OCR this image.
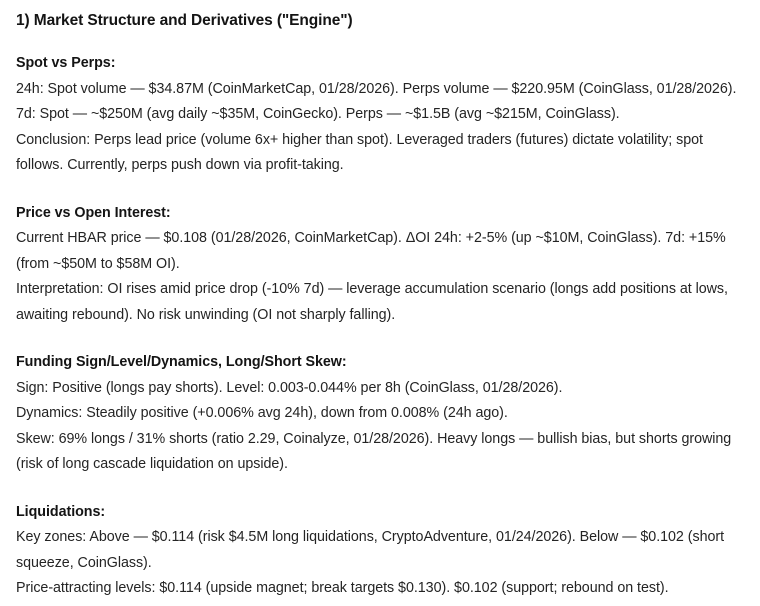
1) Market Structure and Derivatives ("Engine")
Spot vs Perps:

24h: Spot volume — $34.87M (CoinMarketCap, 01/28/2026). Perps volume — $220.95M (CoinGlass, 01/28/2026). 7d: Spot — ~$250M (avg daily ~$35M, CoinGecko). Perps — ~$1.5B (avg ~$215M, CoinGlass).

Conclusion: Perps lead price (volume 6x+ higher than spot). Leveraged traders (futures) dictate volatility; spot follows. Currently, perps push down via profit-taking.

Price vs Open Interest:

Current HBAR price — $0.108 (01/28/2026, CoinMarketCap). ΔOI 24h: +2-5% (up ~$10M, CoinGlass). 7d: +15% (from ~$50M to $58M OI).

Interpretation: OI rises amid price drop (-10% 7d) — leverage accumulation scenario (longs add positions at lows, awaiting rebound). No risk unwinding (OI not sharply falling).

Funding Sign/Level/Dynamics, Long/Short Skew:

Sign: Positive (longs pay shorts). Level: 0.003-0.044% per 8h (CoinGlass, 01/28/2026).

Dynamics: Steadily positive (+0.006% avg 24h), down from 0.008% (24h ago).

Skew: 69% longs / 31% shorts (ratio 2.29, Coinalyze, 01/28/2026). Heavy longs — bullish bias, but shorts growing (risk of long cascade liquidation on upside).

Liquidations:

Key zones: Above — $0.114 (risk $4.5M long liquidations, CryptoAdventure, 01/24/2026). Below — $0.102 (short squeeze, CoinGlass).

Price-attracting levels: $0.114 (upside magnet; break targets $0.130). $0.102 (support; rebound on test).
